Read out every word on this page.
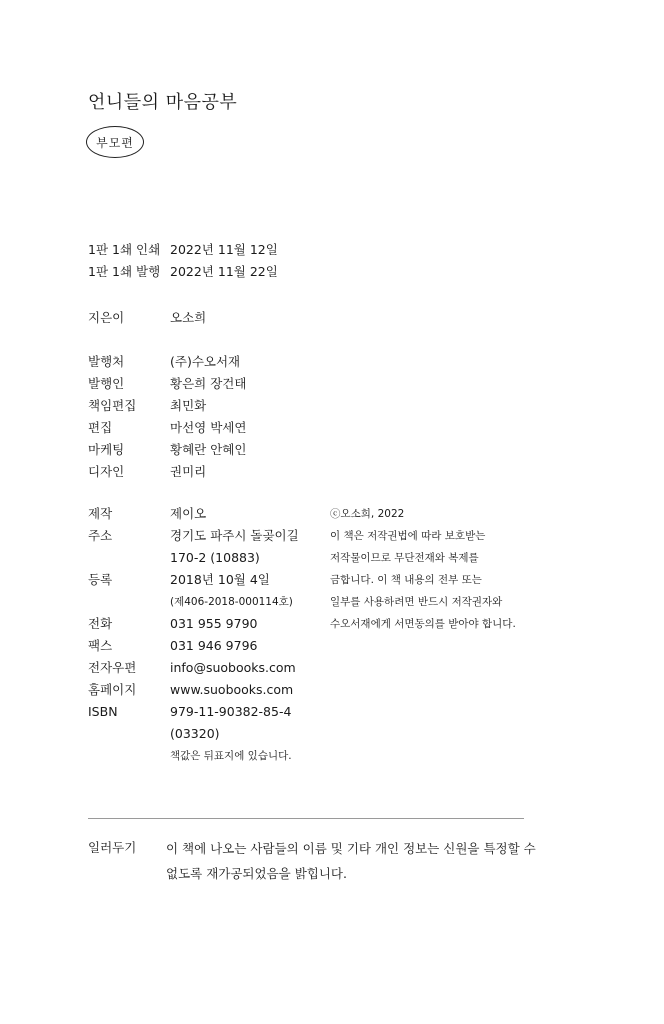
언니들의 마음공부
부모편
1판 1쇄 인쇄 2022년 11월 12일
1판 1쇄 발행 2022년 11월 22일
지은이	오소희
발행처	(주)수오서재
발행인	황은희 장건태
책임편집	최민화
편집	마선영 박세연
마케팅	황혜란 안혜인
디자인	권미리
제작	제이오
주소	경기도 파주시 돌곶이길
170-2 (10883)
등록	2018년 10월 4일
(제406-2018-000114호)
전화	031 955 9790
팩스	031 946 9796
전자우편	info@suobooks.com
홈페이지	www.suobooks.com
ISBN	979-11-90382-85-4
(03320)
책값은 뒤표지에 있습니다.
ⓒ오소희, 2022
이 책은 저작권법에 따라 보호받는
저작물이므로 무단전재와 복제를
금합니다. 이 책 내용의 전부 또는
일부를 사용하려면 반드시 저작권자와
수오서재에게 서면동의를 받아야 합니다.
일러두기 이 책에 나오는 사람들의 이름 및 기타 개인 정보는 신원을 특정할 수
없도록 재가공되었음을 밝힙니다.
